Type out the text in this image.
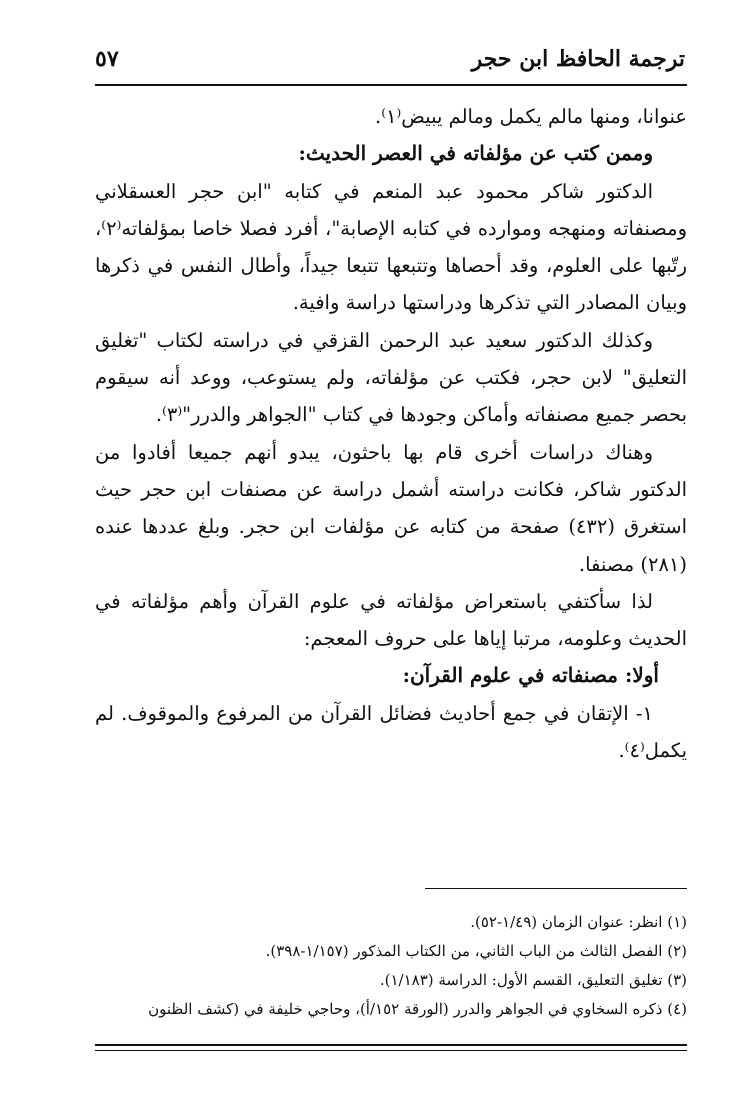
ترجمة الحافظ ابن حجر
٥٧

عنوانا، ومنها مالم يكمل ومالم يبيض⁽١⁾.

وممن كتب عن مؤلفاته في العصر الحديث:

الدكتور شاكر محمود عبد المنعم في كتابه "ابن حجر العسقلاني ومصنفاته ومنهجه وموارده في كتابه الإصابة"، أفرد فصلا خاصا بمؤلفاته⁽٢⁾، رتّبها على العلوم، وقد أحصاها وتتبعها تتبعا جيداً، وأطال النفس في ذكرها وبيان المصادر التي تذكرها ودراستها دراسة وافية.

وكذلك الدكتور سعيد عبد الرحمن القزقي في دراسته لكتاب "تغليق التعليق" لابن حجر، فكتب عن مؤلفاته، ولم يستوعب، ووعد أنه سيقوم بحصر جميع مصنفاته وأماكن وجودها في كتاب "الجواهر والدرر"⁽٣⁾.

وهناك دراسات أخرى قام بها باحثون، يبدو أنهم جميعا أفادوا من الدكتور شاكر، فكانت دراسته أشمل دراسة عن مصنفات ابن حجر حيث استغرق (٤٣٢) صفحة من كتابه عن مؤلفات ابن حجر. وبلغ عددها عنده (٢٨١) مصنفا.

لذا سأكتفي باستعراض مؤلفاته في علوم القرآن وأهم مؤلفاته في الحديث وعلومه، مرتبا إياها على حروف المعجم:

أولا: مصنفاته في علوم القرآن:

١- الإتقان في جمع أحاديث فضائل القرآن من المرفوع والموقوف. لم يكمل⁽٤⁾.

(١) انظر: عنوان الزمان (١/٤٩-٥٢).

(٢) الفصل الثالث من الباب الثاني، من الكتاب المذكور (١/١٥٧-٣٩٨).

(٣) تغليق التعليق، القسم الأول: الدراسة (١/١٨٣).

(٤) ذكره السخاوي في الجواهر والدرر (الورقة ١٥٢/أ)، وحاجي خليفة في (كشف الظنون
